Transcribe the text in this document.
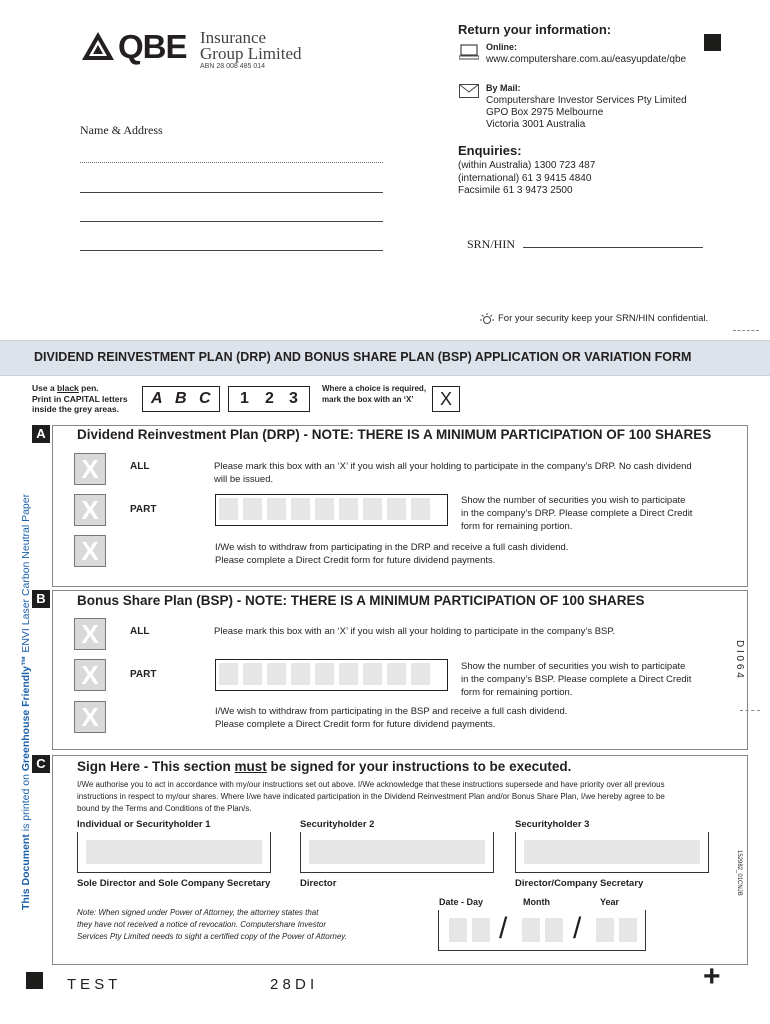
QBE Insurance
Group Limited
ABN 28 008 485 014
Return your information:
Online:
www.computershare.com.au/easyupdate/qbe
By Mail:
Computershare Investor Services Pty Limited
GPO Box 2975 Melbourne
Victoria 3001 Australia
Enquiries:
(within Australia) 1300 723 487
(international) 61 3 9415 4840
Facsimile 61 3 9473 2500
Name & Address
SRN/HIN
For your security keep your SRN/HIN confidential.
DIVIDEND REINVESTMENT PLAN (DRP) AND BONUS SHARE PLAN (BSP) APPLICATION OR VARIATION FORM
Use a black pen.
Print in CAPITAL letters
inside the grey areas.
A B C 1 2 3
Where a choice is required,
mark the box with an ‘X’	X
This Document is printed on Greenhouse Friendly™ ENVI Laser Carbon Neutral Paper
A	Dividend Reinvestment Plan (DRP) - NOTE: THERE IS A MINIMUM PARTICIPATION OF 100 SHARES
X	ALL	Please mark this box with an ‘X’ if you wish all your holding to participate in the company’s DRP. No cash dividend
will be issued.
X	PART
Show the number of securities you wish to participate
in the company’s DRP. Please complete a Direct Credit
form for remaining portion.
X	I/We wish to withdraw from participating in the DRP and receive a full cash dividend.
Please complete a Direct Credit form for future dividend payments.
B	Bonus Share Plan (BSP) - NOTE: THERE IS A MINIMUM PARTICIPATION OF 100 SHARES
X	ALL	Please mark this box with an ‘X’ if you wish all your holding to participate in the company’s BSP.
X	PART
Show the number of securities you wish to participate
in the company’s BSP. Please complete a Direct Credit
form for remaining portion.
X	I/We wish to withdraw from participating in the BSP and receive a full cash dividend.
Please complete a Direct Credit form for future dividend payments.
D I 0 6 4
C	Sign Here - This section must be signed for your instructions to be executed.
I/We authorise you to act in accordance with my/our instructions set out above. I/We acknowledge that these instructions supersede and have priority over all previous
instructions in respect to my/our shares. Where I/we have indicated participation in the Dividend Reinvestment Plan and/or Bonus Share Plan, I/we hereby agree to be
bound by the Terms and Conditions of the Plan/s.
Individual or Securityholder 1	Securityholder 2	Securityholder 3
Sole Director and Sole Company Secretary	Director	Director/Company Secretary	152982_01CNJB
Date - Day	Month	Year
/ /
Note: When signed under Power of Attorney, the attorney states that
they have not received a notice of revocation. Computershare Investor
Services Pty Limited needs to sight a certified copy of the Power of Attorney.
T E S T	2 8 D I	+
